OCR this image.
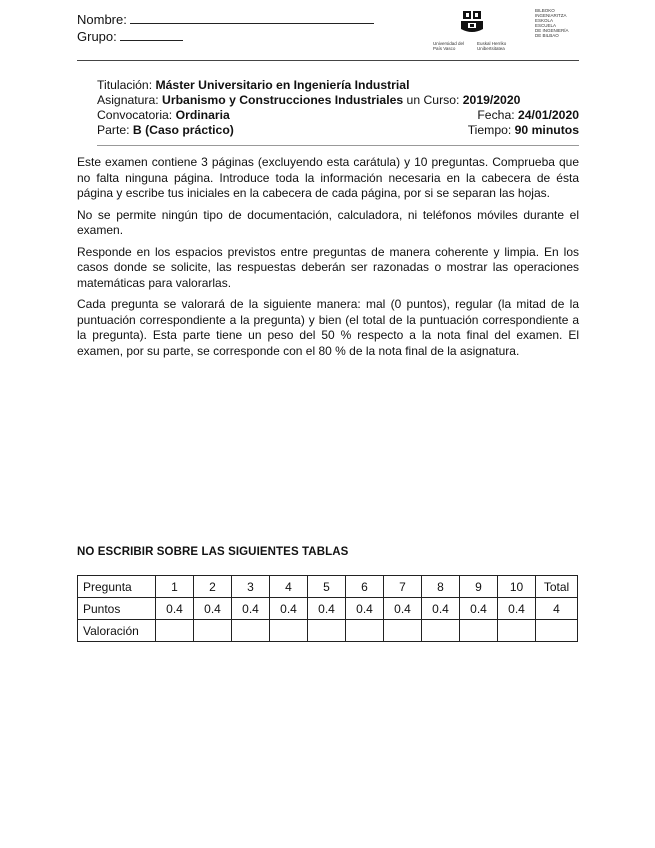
Nombre:
Grupo:	Universidad del País Vasco
Euskal Herriko Unibertsitatea
BILBOKO
INGENIARITZA
ESKOLA
ESCUELA
DE INGENIERÍA
DE BILBAO
Titulación: Máster Universitario en Ingeniería Industrial
Asignatura: Urbanismo y Construcciones Industriales un Curso: 2019/2020
Convocatoria: Ordinaria	Fecha: 24/01/2020
Parte: B (Caso práctico)	Tiempo: 90 minutos

Este examen contiene 3 páginas (excluyendo esta carátula) y 10 preguntas. Comprueba que no falta ninguna página. Introduce toda la información necesaria en la cabecera de ésta página y escribe tus iniciales en la cabecera de cada página, por si se separan las hojas.

No se permite ningún tipo de documentación, calculadora, ni teléfonos móviles durante el examen.

Responde en los espacios previstos entre preguntas de manera coherente y limpia. En los casos donde se solicite, las respuestas deberán ser razonadas o mostrar las operaciones matemáticas para valorarlas.

Cada pregunta se valorará de la siguiente manera: mal (0 puntos), regular (la mitad de la puntuación correspondiente a la pregunta) y bien (el total de la puntuación correspondiente a la pregunta). Esta parte tiene un peso del 50 % respecto a la nota final del examen. El examen, por su parte, se corresponde con el 80 % de la nota final de la asignatura.

NO ESCRIBIR SOBRE LAS SIGUIENTES TABLAS
Pregunta	1	2	3	4	5	6	7	8	9	10	Total
Puntos	0.4	0.4	0.4	0.4	0.4	0.4	0.4	0.4	0.4	0.4	4
Valoración											
